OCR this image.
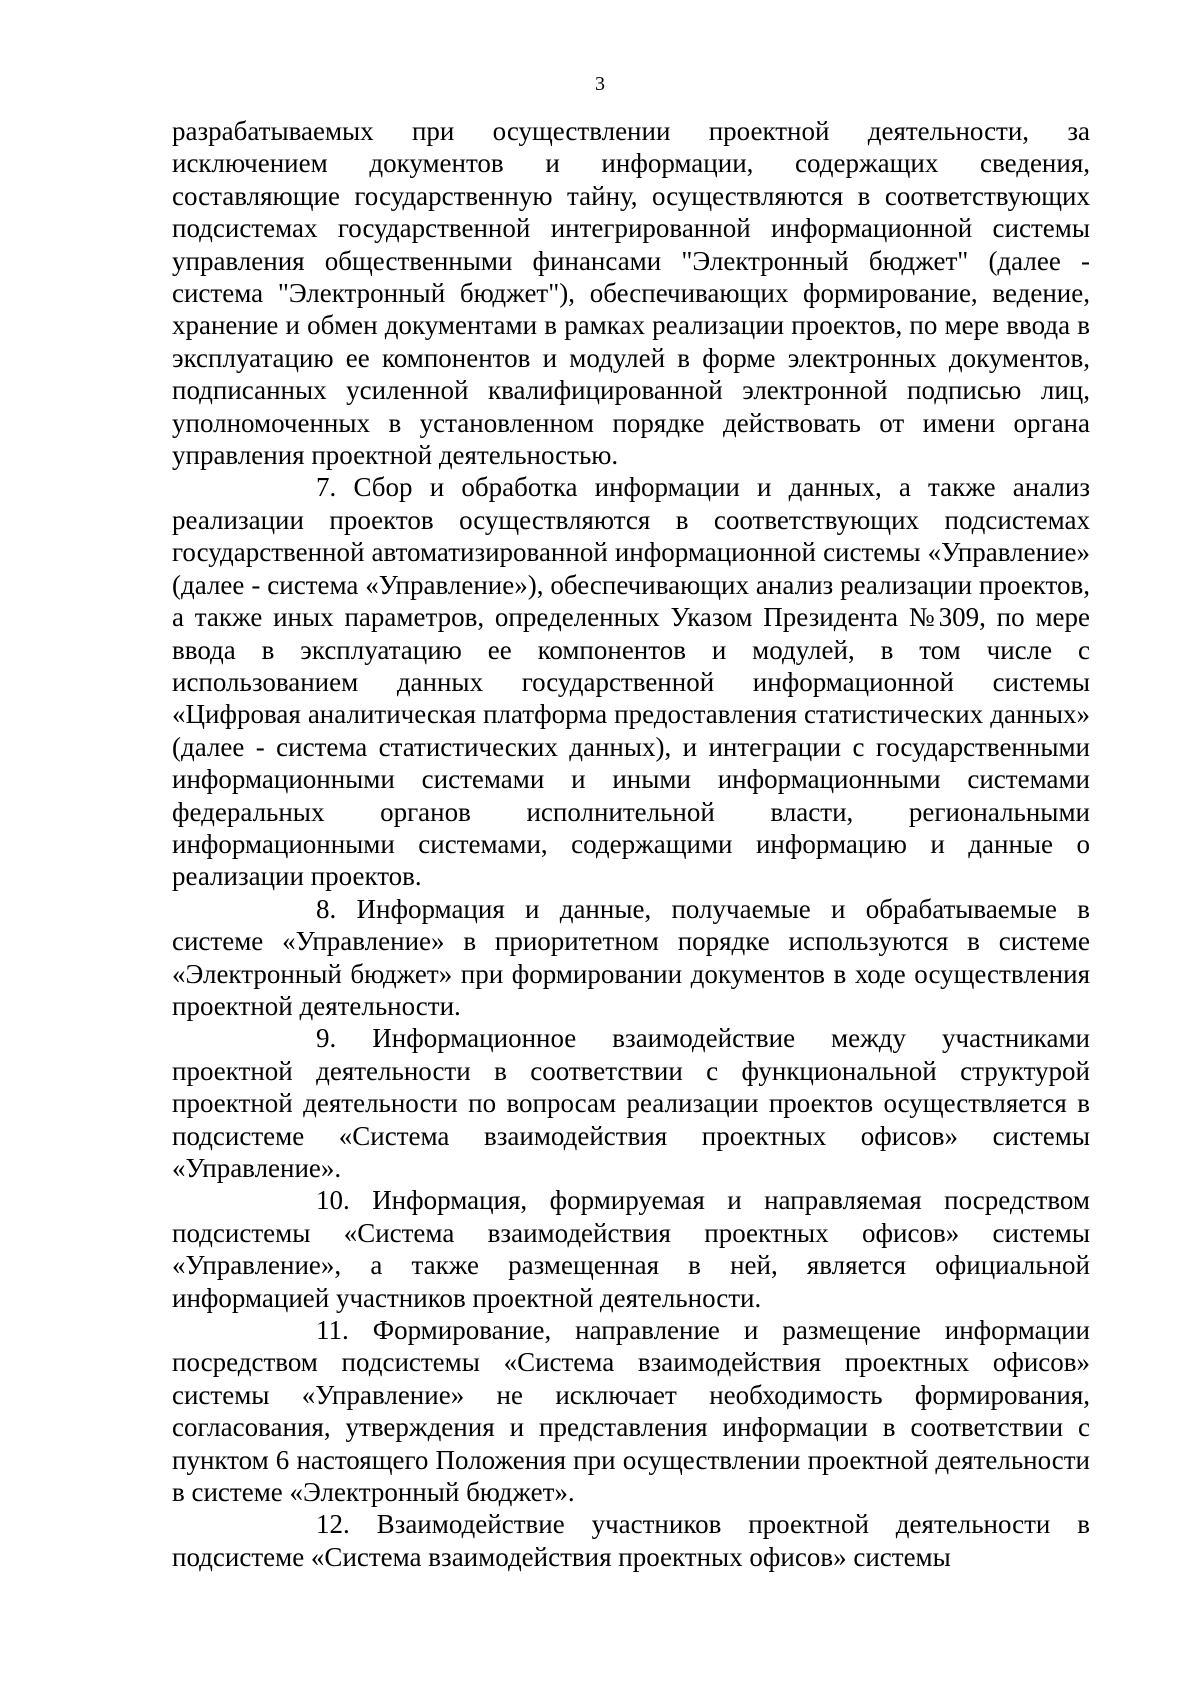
3

разрабатываемых при осуществлении проектной деятельности, за исключением документов и информации, содержащих сведения, составляющие государственную тайну, осуществляются в соответствующих подсистемах государственной интегрированной информационной системы управления общественными финансами "Электронный бюджет" (далее - система "Электронный бюджет"), обеспечивающих формирование, ведение, хранение и обмен документами в рамках реализации проектов, по мере ввода в эксплуатацию ее компонентов и модулей в форме электронных документов, подписанных усиленной квалифицированной электронной подписью лиц, уполномоченных в установленном порядке действовать от имени органа управления проектной деятельностью.

7. Сбор и обработка информации и данных, а также анализ реализации проектов осуществляются в соответствующих подсистемах государственной автоматизированной информационной системы «Управление» (далее - система «Управление»), обеспечивающих анализ реализации проектов, а также иных параметров, определенных Указом Президента №309, по мере ввода в эксплуатацию ее компонентов и модулей, в том числе с использованием данных государственной информационной системы «Цифровая аналитическая платформа предоставления статистических данных» (далее - система статистических данных), и интеграции с государственными информационными системами и иными информационными системами федеральных органов исполнительной власти, региональными информационными системами, содержащими информацию и данные о реализации проектов.

8. Информация и данные, получаемые и обрабатываемые в системе «Управление» в приоритетном порядке используются в системе «Электронный бюджет» при формировании документов в ходе осуществления проектной деятельности.

9. Информационное взаимодействие между участниками проектной деятельности в соответствии с функциональной структурой проектной деятельности по вопросам реализации проектов осуществляется в подсистеме «Система взаимодействия проектных офисов» системы «Управление».

10. Информация, формируемая и направляемая посредством подсистемы «Система взаимодействия проектных офисов» системы «Управление», а также размещенная в ней, является официальной информацией участников проектной деятельности.

11. Формирование, направление и размещение информации посредством подсистемы «Система взаимодействия проектных офисов» системы «Управление» не исключает необходимость формирования, согласования, утверждения и представления информации в соответствии с пунктом 6 настоящего Положения при осуществлении проектной деятельности в системе «Электронный бюджет».

12. Взаимодействие участников проектной деятельности в подсистеме «Система взаимодействия проектных офисов» системы
